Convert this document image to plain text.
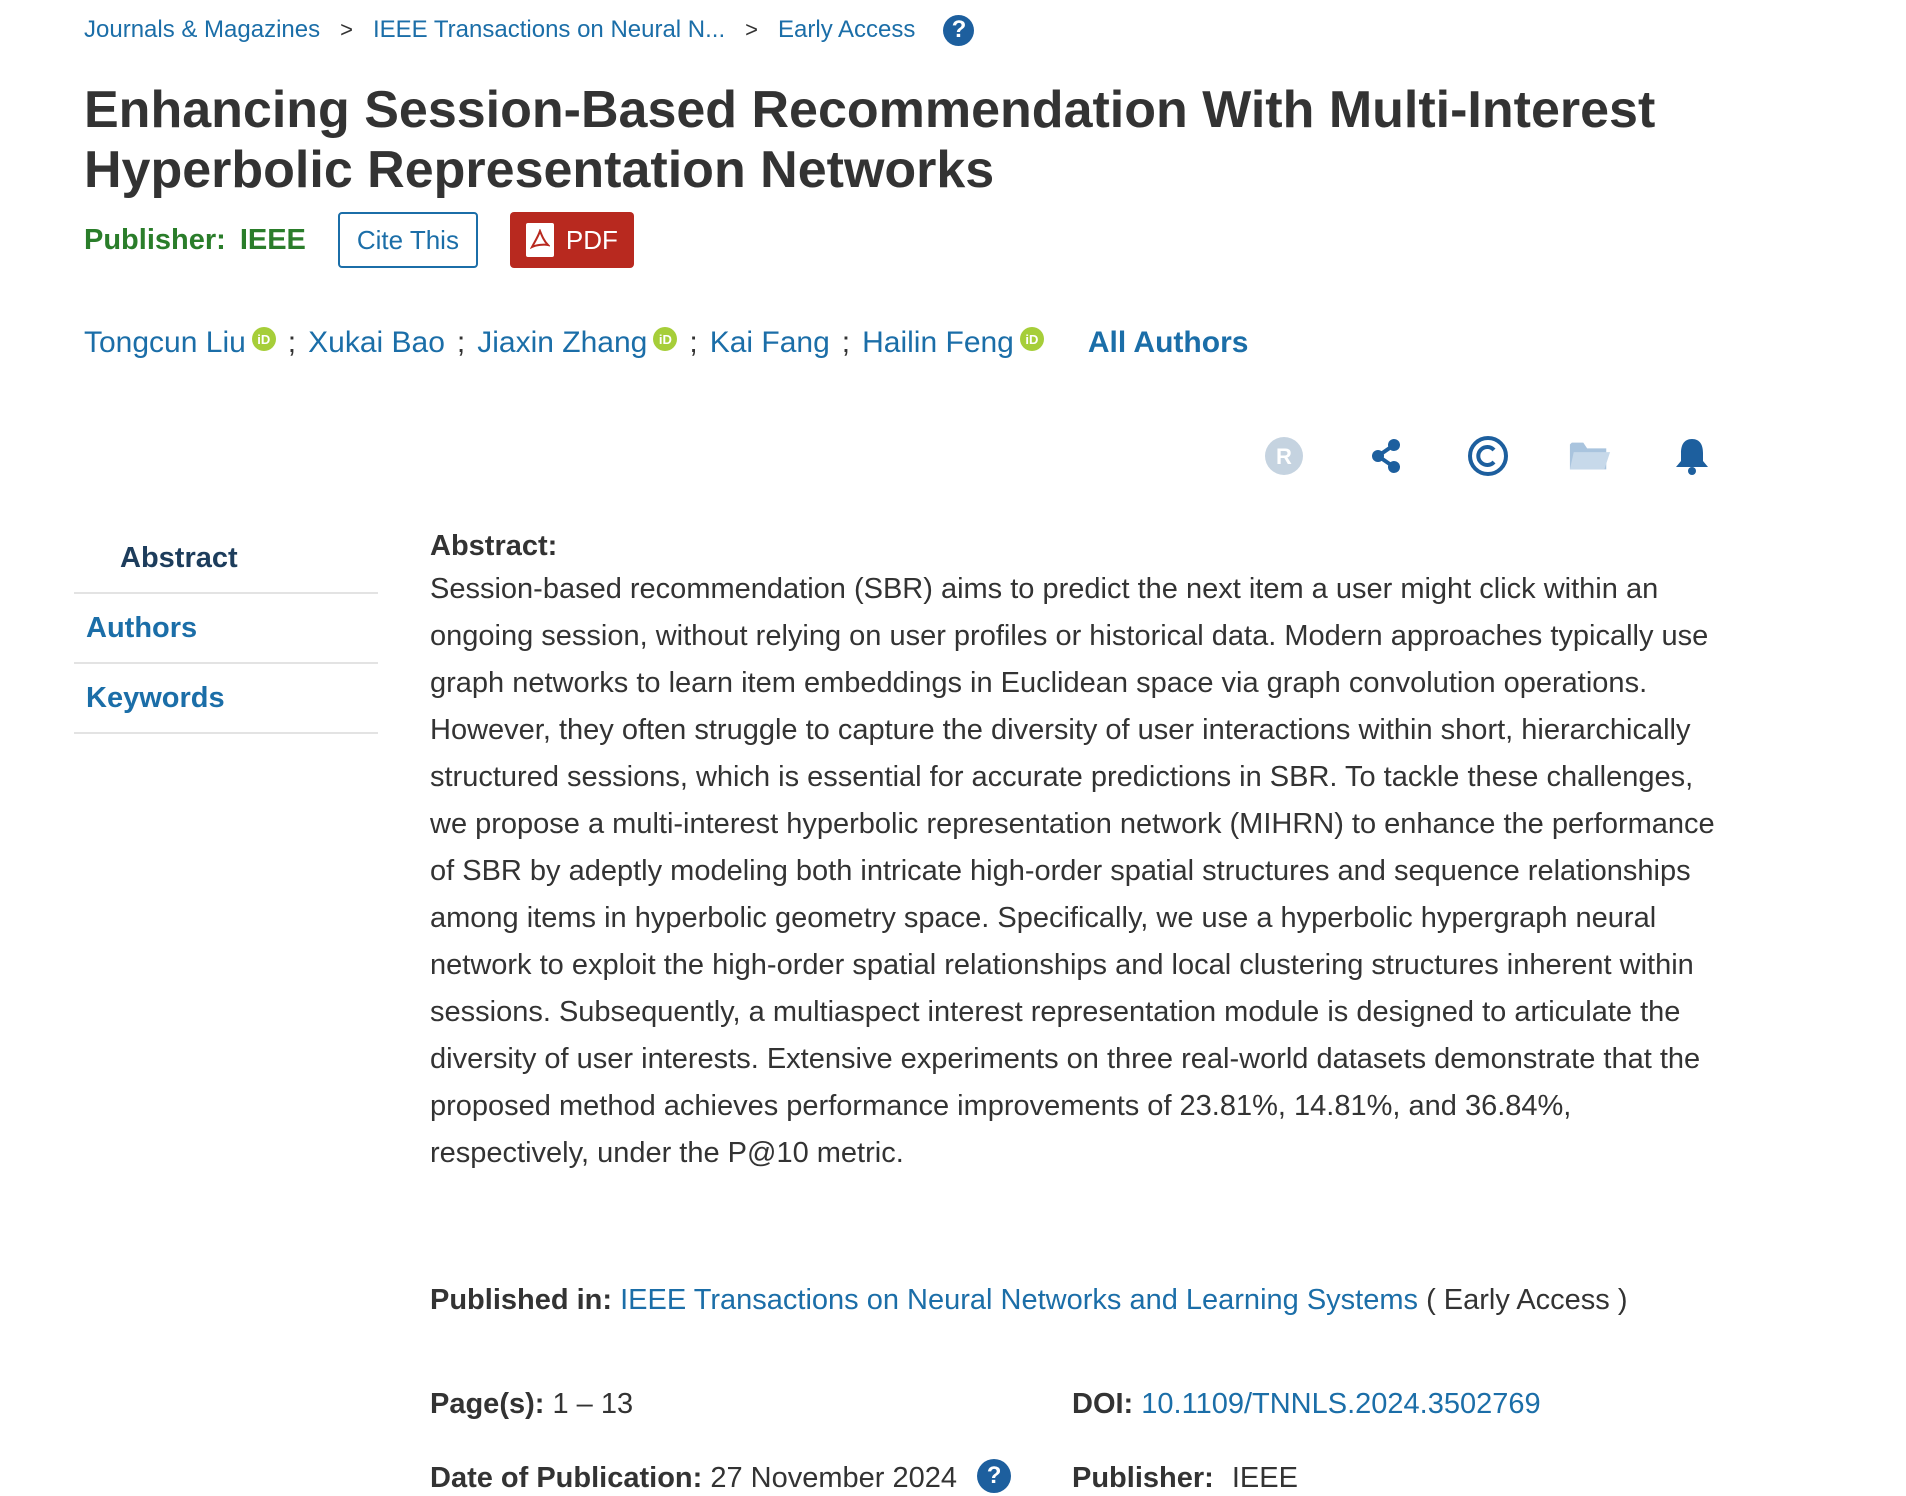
Journals & Magazines > IEEE Transactions on Neural N... > Early Access	?
Enhancing Session-Based Recommendation With Multi-Interest Hyperbolic Representation Networks
Publisher: IEEE Cite This	PDF
Tongcun Liu iD ; Xukai Bao ; Jiaxin Zhang iD ; Kai Fang ; Hailin Feng iD All Authors
R
Abstract
Authors
Keywords
Abstract:

Session-based recommendation (SBR) aims to predict the next item a user might click within an ongoing session, without relying on user profiles or historical data. Modern approaches typically use graph networks to learn item embeddings in Euclidean space via graph convolution operations. However, they often struggle to capture the diversity of user interactions within short, hierarchically structured sessions, which is essential for accurate predictions in SBR. To tackle these challenges, we propose a multi-interest hyperbolic representation network (MIHRN) to enhance the performance of SBR by adeptly modeling both intricate high-order spatial structures and sequence relationships among items in hyperbolic geometry space. Specifically, we use a hyperbolic hypergraph neural network to exploit the high-order spatial relationships and local clustering structures inherent within sessions. Subsequently, a multiaspect interest representation module is designed to articulate the diversity of user interests. Extensive experiments on three real-world datasets demonstrate that the proposed method achieves performance improvements of 23.81%, 14.81%, and 36.84%, respectively, under the P@10 metric.

Published in: IEEE Transactions on Neural Networks and Learning Systems ( Early Access )
Page(s): 1 – 13	DOI: 10.1109/TNNLS.2024.3502769
Date of Publication: 27 November 2024 ?	Publisher: IEEE
